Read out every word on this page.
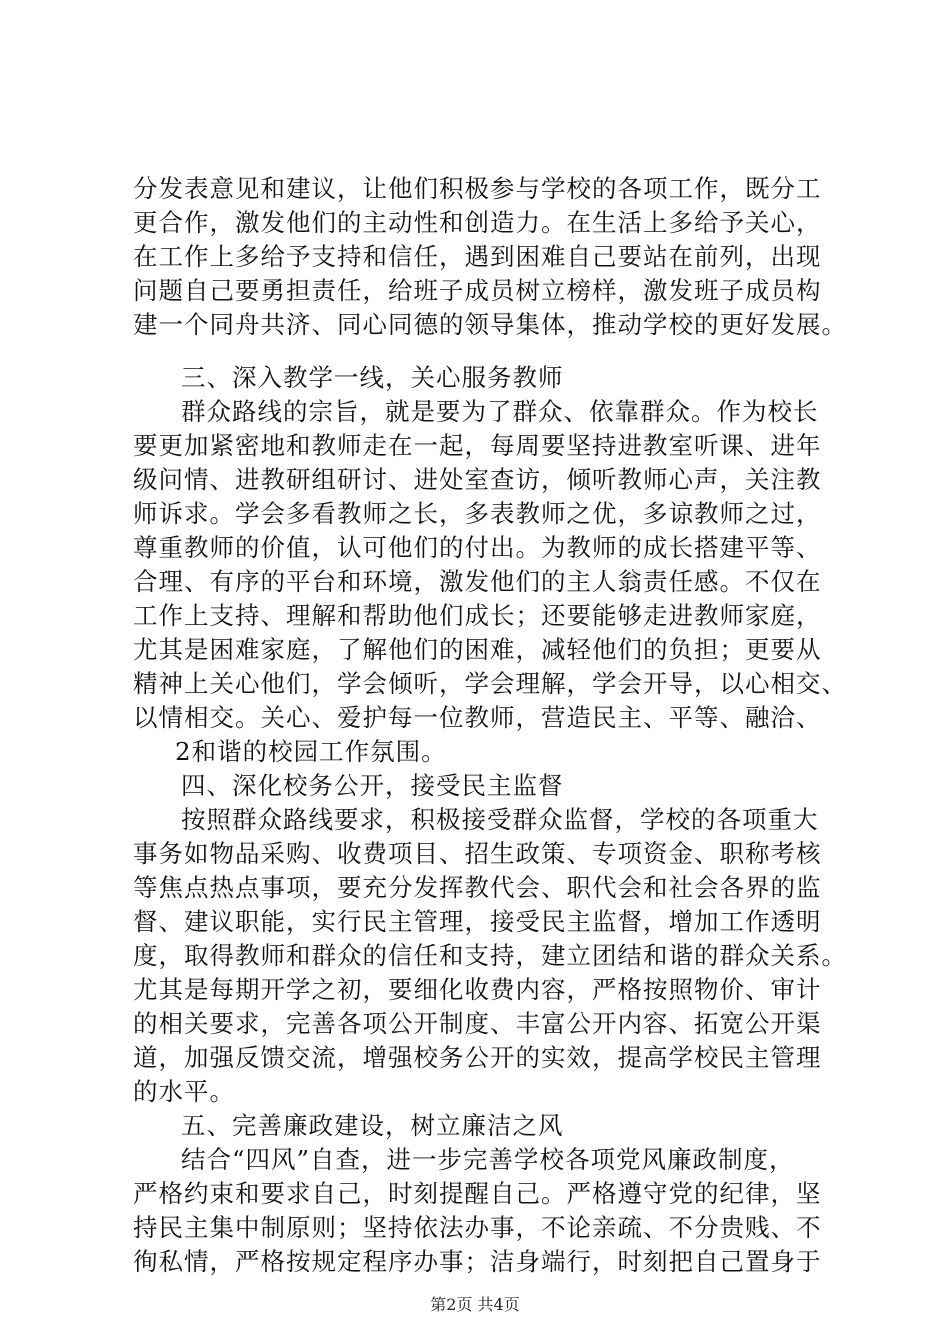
分发表意见和建议，让他们积极参与学校的各项工作，既分工
更合作，激发他们的主动性和创造力。在生活上多给予关心，
在工作上多给予支持和信任，遇到困难自己要站在前列，出现
问题自己要勇担责任，给班子成员树立榜样，激发班子成员构
建一个同舟共济、同心同德的领导集体，推动学校的更好发展。
三、深入教学一线，关心服务教师
群众路线的宗旨，就是要为了群众、依靠群众。作为校长
要更加紧密地和教师走在一起，每周要坚持进教室听课、进年
级问情、进教研组研讨、进处室查访，倾听教师心声，关注教
师诉求。学会多看教师之长，多表教师之优，多谅教师之过，
尊重教师的价值，认可他们的付出。为教师的成长搭建平等、
合理、有序的平台和环境，激发他们的主人翁责任感。不仅在
工作上支持、理解和帮助他们成长；还要能够走进教师家庭，
尤其是困难家庭，了解他们的困难，减轻他们的负担；更要从
精神上关心他们，学会倾听，学会理解，学会开导，以心相交、
以情相交。关心、爱护每一位教师，营造民主、平等、融洽、
2和谐的校园工作氛围。
四、深化校务公开，接受民主监督
按照群众路线要求，积极接受群众监督，学校的各项重大
事务如物品采购、收费项目、招生政策、专项资金、职称考核
等焦点热点事项，要充分发挥教代会、职代会和社会各界的监
督、建议职能，实行民主管理，接受民主监督，增加工作透明
度，取得教师和群众的信任和支持，建立团结和谐的群众关系。
尤其是每期开学之初，要细化收费内容，严格按照物价、审计
的相关要求，完善各项公开制度、丰富公开内容、拓宽公开渠
道，加强反馈交流，增强校务公开的实效，提高学校民主管理
的水平。
五、完善廉政建设，树立廉洁之风
结合“四风”自查，进一步完善学校各项党风廉政制度，
严格约束和要求自己，时刻提醒自己。严格遵守党的纪律，坚
持民主集中制原则；坚持依法办事，不论亲疏、不分贵贱、不
徇私情，严格按规定程序办事；洁身端行，时刻把自己置身于
第2页 共4页
